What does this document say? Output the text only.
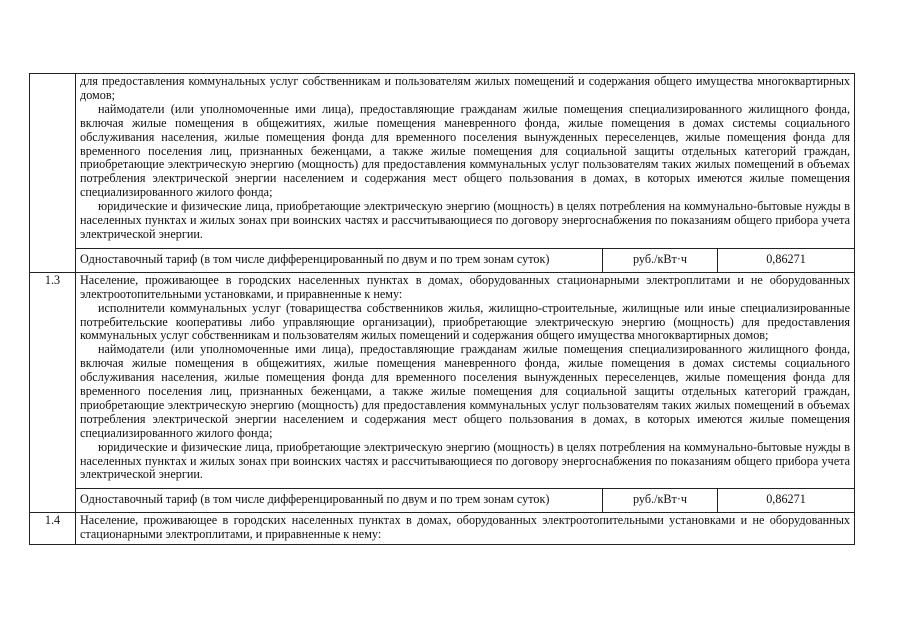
	для предоставления коммунальных услуг собственникам и пользователям жилых помещений и содержания общего имущества многоквартирных домов;

наймодатели (или уполномоченные ими лица), предоставляющие гражданам жилые помещения специализированного жилищного фонда, включая жилые помещения в общежитиях, жилые помещения маневренного фонда, жилые помещения в домах системы социального обслуживания населения, жилые помещения фонда для временного поселения вынужденных переселенцев, жилые помещения фонда для временного поселения лиц, признанных беженцами, а также жилые помещения для социальной защиты отдельных категорий граждан, приобретающие электрическую энергию (мощность) для предоставления коммунальных услуг пользователям таких жилых помещений в объемах потребления электрической энергии населением и содержания мест общего пользования в домах, в которых имеются жилые помещения специализированного жилого фонда;

юридические и физические лица, приобретающие электрическую энергию (мощность) в целях потребления на коммунально-бытовые нужды в населенных пунктах и жилых зонах при воинских частях и рассчитывающиеся по договору энергоснабжения по показаниям общего прибора учета электрической энергии.		

	Одноставочный тариф (в том числе дифференцированный по двум и по трем зонам суток)	руб./кВт·ч	0,86271
1.3	Население, проживающее в городских населенных пунктах в домах, оборудованных стационарными электроплитами и не оборудованных электроотопительными установками, и приравненные к нему:

исполнители коммунальных услуг (товарищества собственников жилья, жилищно-строительные, жилищные или иные специализированные потребительские кооперативы либо управляющие организации), приобретающие электрическую энергию (мощность) для предоставления коммунальных услуг собственникам и пользователям жилых помещений и содержания общего имущества многоквартирных домов;

наймодатели (или уполномоченные ими лица), предоставляющие гражданам жилые помещения специализированного жилищного фонда, включая жилые помещения в общежитиях, жилые помещения маневренного фонда, жилые помещения в домах системы социального обслуживания населения, жилые помещения фонда для временного поселения вынужденных переселенцев, жилые помещения фонда для временного поселения лиц, признанных беженцами, а также жилые помещения для социальной защиты отдельных категорий граждан, приобретающие электрическую энергию (мощность) для предоставления коммунальных услуг пользователям таких жилых помещений в объемах потребления электрической энергии населением и содержания мест общего пользования в домах, в которых имеются жилые помещения специализированного жилого фонда;

юридические и физические лица, приобретающие электрическую энергию (мощность) в целях потребления на коммунально-бытовые нужды в населенных пунктах и жилых зонах при воинских частях и рассчитывающиеся по договору энергоснабжения по показаниям общего прибора учета электрической энергии.		

	Одноставочный тариф (в том числе дифференцированный по двум и по трем зонам суток)	руб./кВт·ч	0,86271
1.4	Население, проживающее в городских населенных пунктах в домах, оборудованных электроотопительными установками и не оборудованных стационарными электроплитами, и приравненные к нему:		
